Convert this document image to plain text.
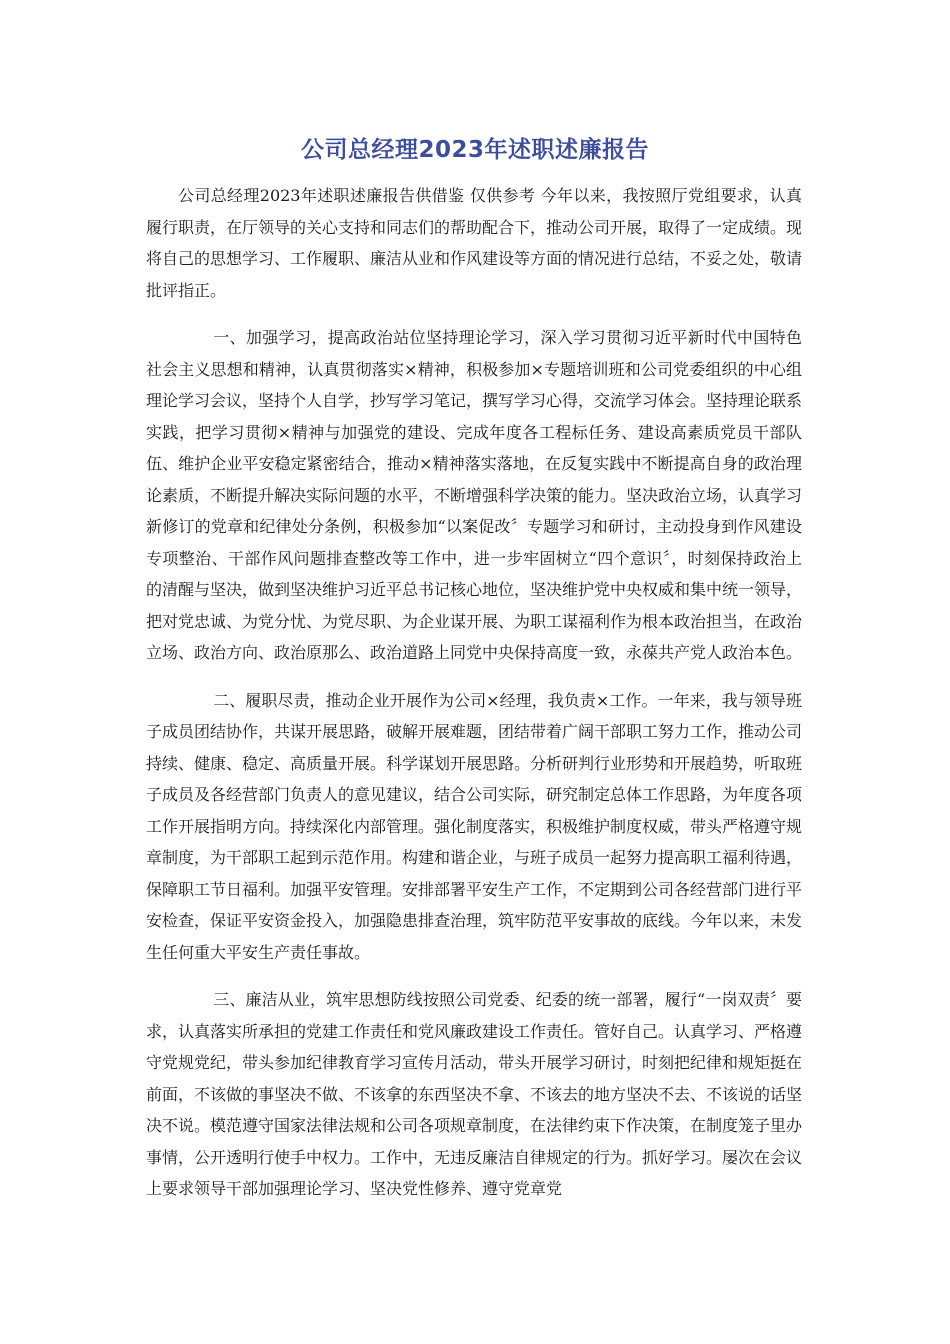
公司总经理2023年述职述廉报告

公司总经理2023年述职述廉报告供借鉴 仅供参考 今年以来，我按照厅党组要求，认真履行职责，在厅领导的关心支持和同志们的帮助配合下，推动公司开展，取得了一定成绩。现将自己的思想学习、工作履职、廉洁从业和作风建设等方面的情况进行总结，不妥之处，敬请批评指正。

一、加强学习，提高政治站位坚持理论学习，深入学习贯彻习近平新时代中国特色社会主义思想和精神，认真贯彻落实×精神，积极参加×专题培训班和公司党委组织的中心组理论学习会议，坚持个人自学，抄写学习笔记，撰写学习心得，交流学习体会。坚持理论联系实践，把学习贯彻×精神与加强党的建设、完成年度各工程标任务、建设高素质党员干部队伍、维护企业平安稳定紧密结合，推动×精神落实落地，在反复实践中不断提高自身的政治理论素质，不断提升解决实际问题的水平，不断增强科学决策的能力。坚决政治立场，认真学习新修订的党章和纪律处分条例，积极参加“以案促改〞专题学习和研讨，主动投身到作风建设专项整治、干部作风问题排查整改等工作中，进一步牢固树立“四个意识〞，时刻保持政治上的清醒与坚决，做到坚决维护习近平总书记核心地位，坚决维护党中央权威和集中统一领导，把对党忠诚、为党分忧、为党尽职、为企业谋开展、为职工谋福利作为根本政治担当，在政治立场、政治方向、政治原那么、政治道路上同党中央保持高度一致，永葆共产党人政治本色。

二、履职尽责，推动企业开展作为公司×经理，我负责×工作。一年来，我与领导班子成员团结协作，共谋开展思路，破解开展难题，团结带着广阔干部职工努力工作，推动公司持续、健康、稳定、高质量开展。科学谋划开展思路。分析研判行业形势和开展趋势，听取班子成员及各经营部门负责人的意见建议，结合公司实际，研究制定总体工作思路，为年度各项工作开展指明方向。持续深化内部管理。强化制度落实，积极维护制度权威，带头严格遵守规章制度，为干部职工起到示范作用。构建和谐企业，与班子成员一起努力提高职工福利待遇，保障职工节日福利。加强平安管理。安排部署平安生产工作，不定期到公司各经营部门进行平安检查，保证平安资金投入，加强隐患排查治理，筑牢防范平安事故的底线。今年以来，未发生任何重大平安生产责任事故。

三、廉洁从业，筑牢思想防线按照公司党委、纪委的统一部署，履行“一岗双责〞要求，认真落实所承担的党建工作责任和党风廉政建设工作责任。管好自己。认真学习、严格遵守党规党纪，带头参加纪律教育学习宣传月活动，带头开展学习研讨，时刻把纪律和规矩挺在前面，不该做的事坚决不做、不该拿的东西坚决不拿、不该去的地方坚决不去、不该说的话坚决不说。模范遵守国家法律法规和公司各项规章制度，在法律约束下作决策，在制度笼子里办事情，公开透明行使手中权力。工作中，无违反廉洁自律规定的行为。抓好学习。屡次在会议上要求领导干部加强理论学习、坚决党性修养、遵守党章党
